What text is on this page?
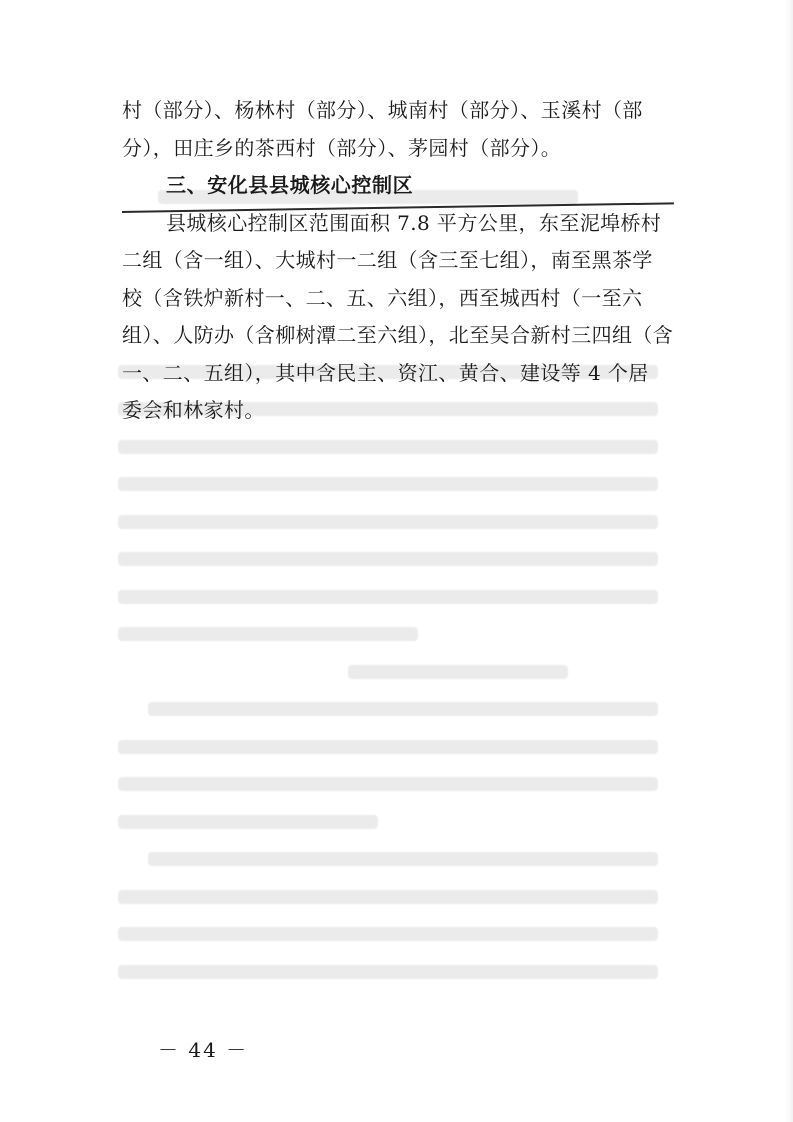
村（部分）、杨林村（部分）、城南村（部分）、玉溪村（部
分），田庄乡的茶西村（部分）、茅园村（部分）。
三、安化县县城核心控制区
县城核心控制区范围面积 7.8 平方公里，东至泥埠桥村
二组（含一组）、大城村一二组（含三至七组），南至黑茶学
校（含铁炉新村一、二、五、六组），西至城西村（一至六
组）、人防办（含柳树潭二至六组），北至吴合新村三四组（含
一、二、五组），其中含民主、资江、黄合、建设等 4 个居
委会和林家村。
－ 44 －
